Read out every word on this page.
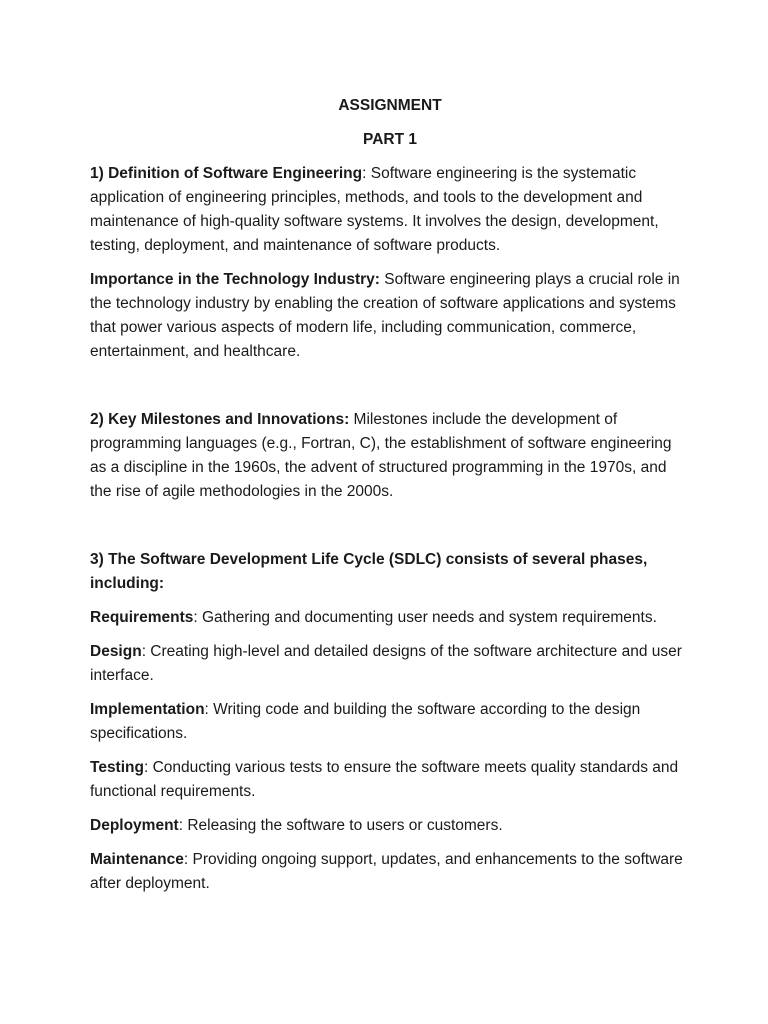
ASSIGNMENT

PART 1

1) Definition of Software Engineering: Software engineering is the systematic application of engineering principles, methods, and tools to the development and maintenance of high-quality software systems. It involves the design, development, testing, deployment, and maintenance of software products.

Importance in the Technology Industry: Software engineering plays a crucial role in the technology industry by enabling the creation of software applications and systems that power various aspects of modern life, including communication, commerce, entertainment, and healthcare.

2) Key Milestones and Innovations: Milestones include the development of programming languages (e.g., Fortran, C), the establishment of software engineering as a discipline in the 1960s, the advent of structured programming in the 1970s, and the rise of agile methodologies in the 2000s.

3) The Software Development Life Cycle (SDLC) consists of several phases, including:

Requirements: Gathering and documenting user needs and system requirements.

Design: Creating high-level and detailed designs of the software architecture and user interface.

Implementation: Writing code and building the software according to the design specifications.

Testing: Conducting various tests to ensure the software meets quality standards and functional requirements.

Deployment: Releasing the software to users or customers.

Maintenance: Providing ongoing support, updates, and enhancements to the software after deployment.
